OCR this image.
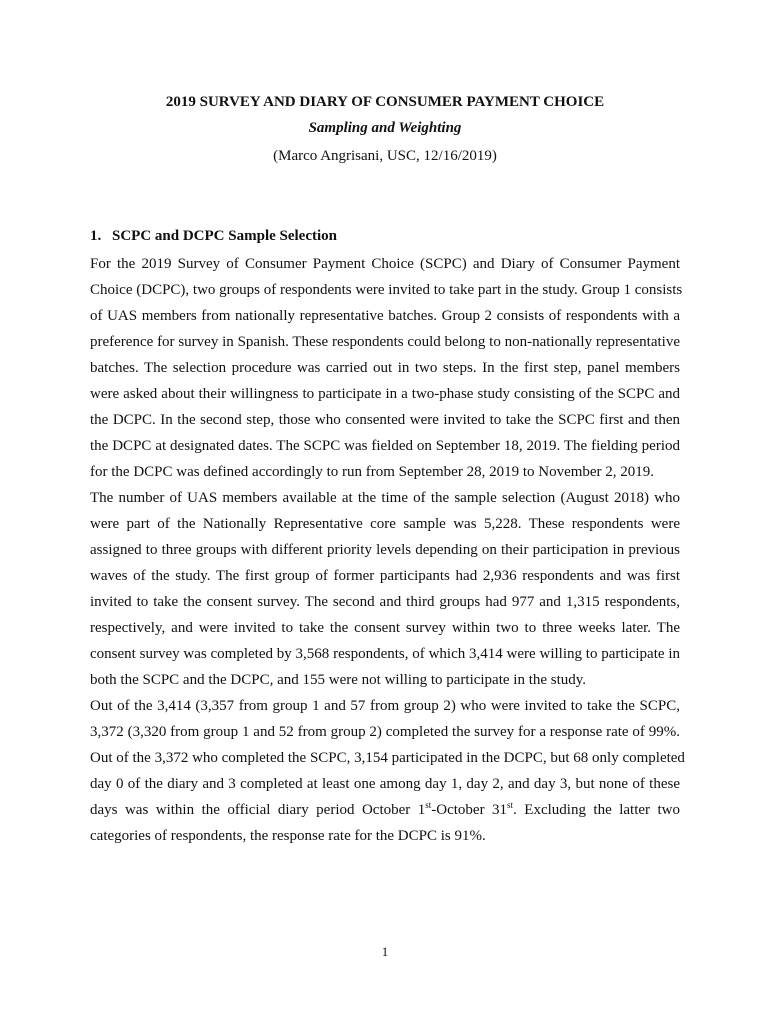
2019 SURVEY AND DIARY OF CONSUMER PAYMENT CHOICE
Sampling and Weighting
(Marco Angrisani, USC, 12/16/2019)
1. SCPC and DCPC Sample Selection
For the 2019 Survey of Consumer Payment Choice (SCPC) and Diary of Consumer Payment
Choice (DCPC), two groups of respondents were invited to take part in the study. Group 1 consists
of UAS members from nationally representative batches. Group 2 consists of respondents with a
preference for survey in Spanish. These respondents could belong to non-nationally representative
batches. The selection procedure was carried out in two steps. In the first step, panel members
were asked about their willingness to participate in a two-phase study consisting of the SCPC and
the DCPC. In the second step, those who consented were invited to take the SCPC first and then
the DCPC at designated dates. The SCPC was fielded on September 18, 2019. The fielding period
for the DCPC was defined accordingly to run from September 28, 2019 to November 2, 2019.
The number of UAS members available at the time of the sample selection (August 2018) who
were part of the Nationally Representative core sample was 5,228. These respondents were
assigned to three groups with different priority levels depending on their participation in previous
waves of the study. The first group of former participants had 2,936 respondents and was first
invited to take the consent survey. The second and third groups had 977 and 1,315 respondents,
respectively, and were invited to take the consent survey within two to three weeks later. The
consent survey was completed by 3,568 respondents, of which 3,414 were willing to participate in
both the SCPC and the DCPC, and 155 were not willing to participate in the study.
Out of the 3,414 (3,357 from group 1 and 57 from group 2) who were invited to take the SCPC,
3,372 (3,320 from group 1 and 52 from group 2) completed the survey for a response rate of 99%.
Out of the 3,372 who completed the SCPC, 3,154 participated in the DCPC, but 68 only completed
day 0 of the diary and 3 completed at least one among day 1, day 2, and day 3, but none of these
days was within the official diary period October 1st-October 31st. Excluding the latter two
categories of respondents, the response rate for the DCPC is 91%.
1
